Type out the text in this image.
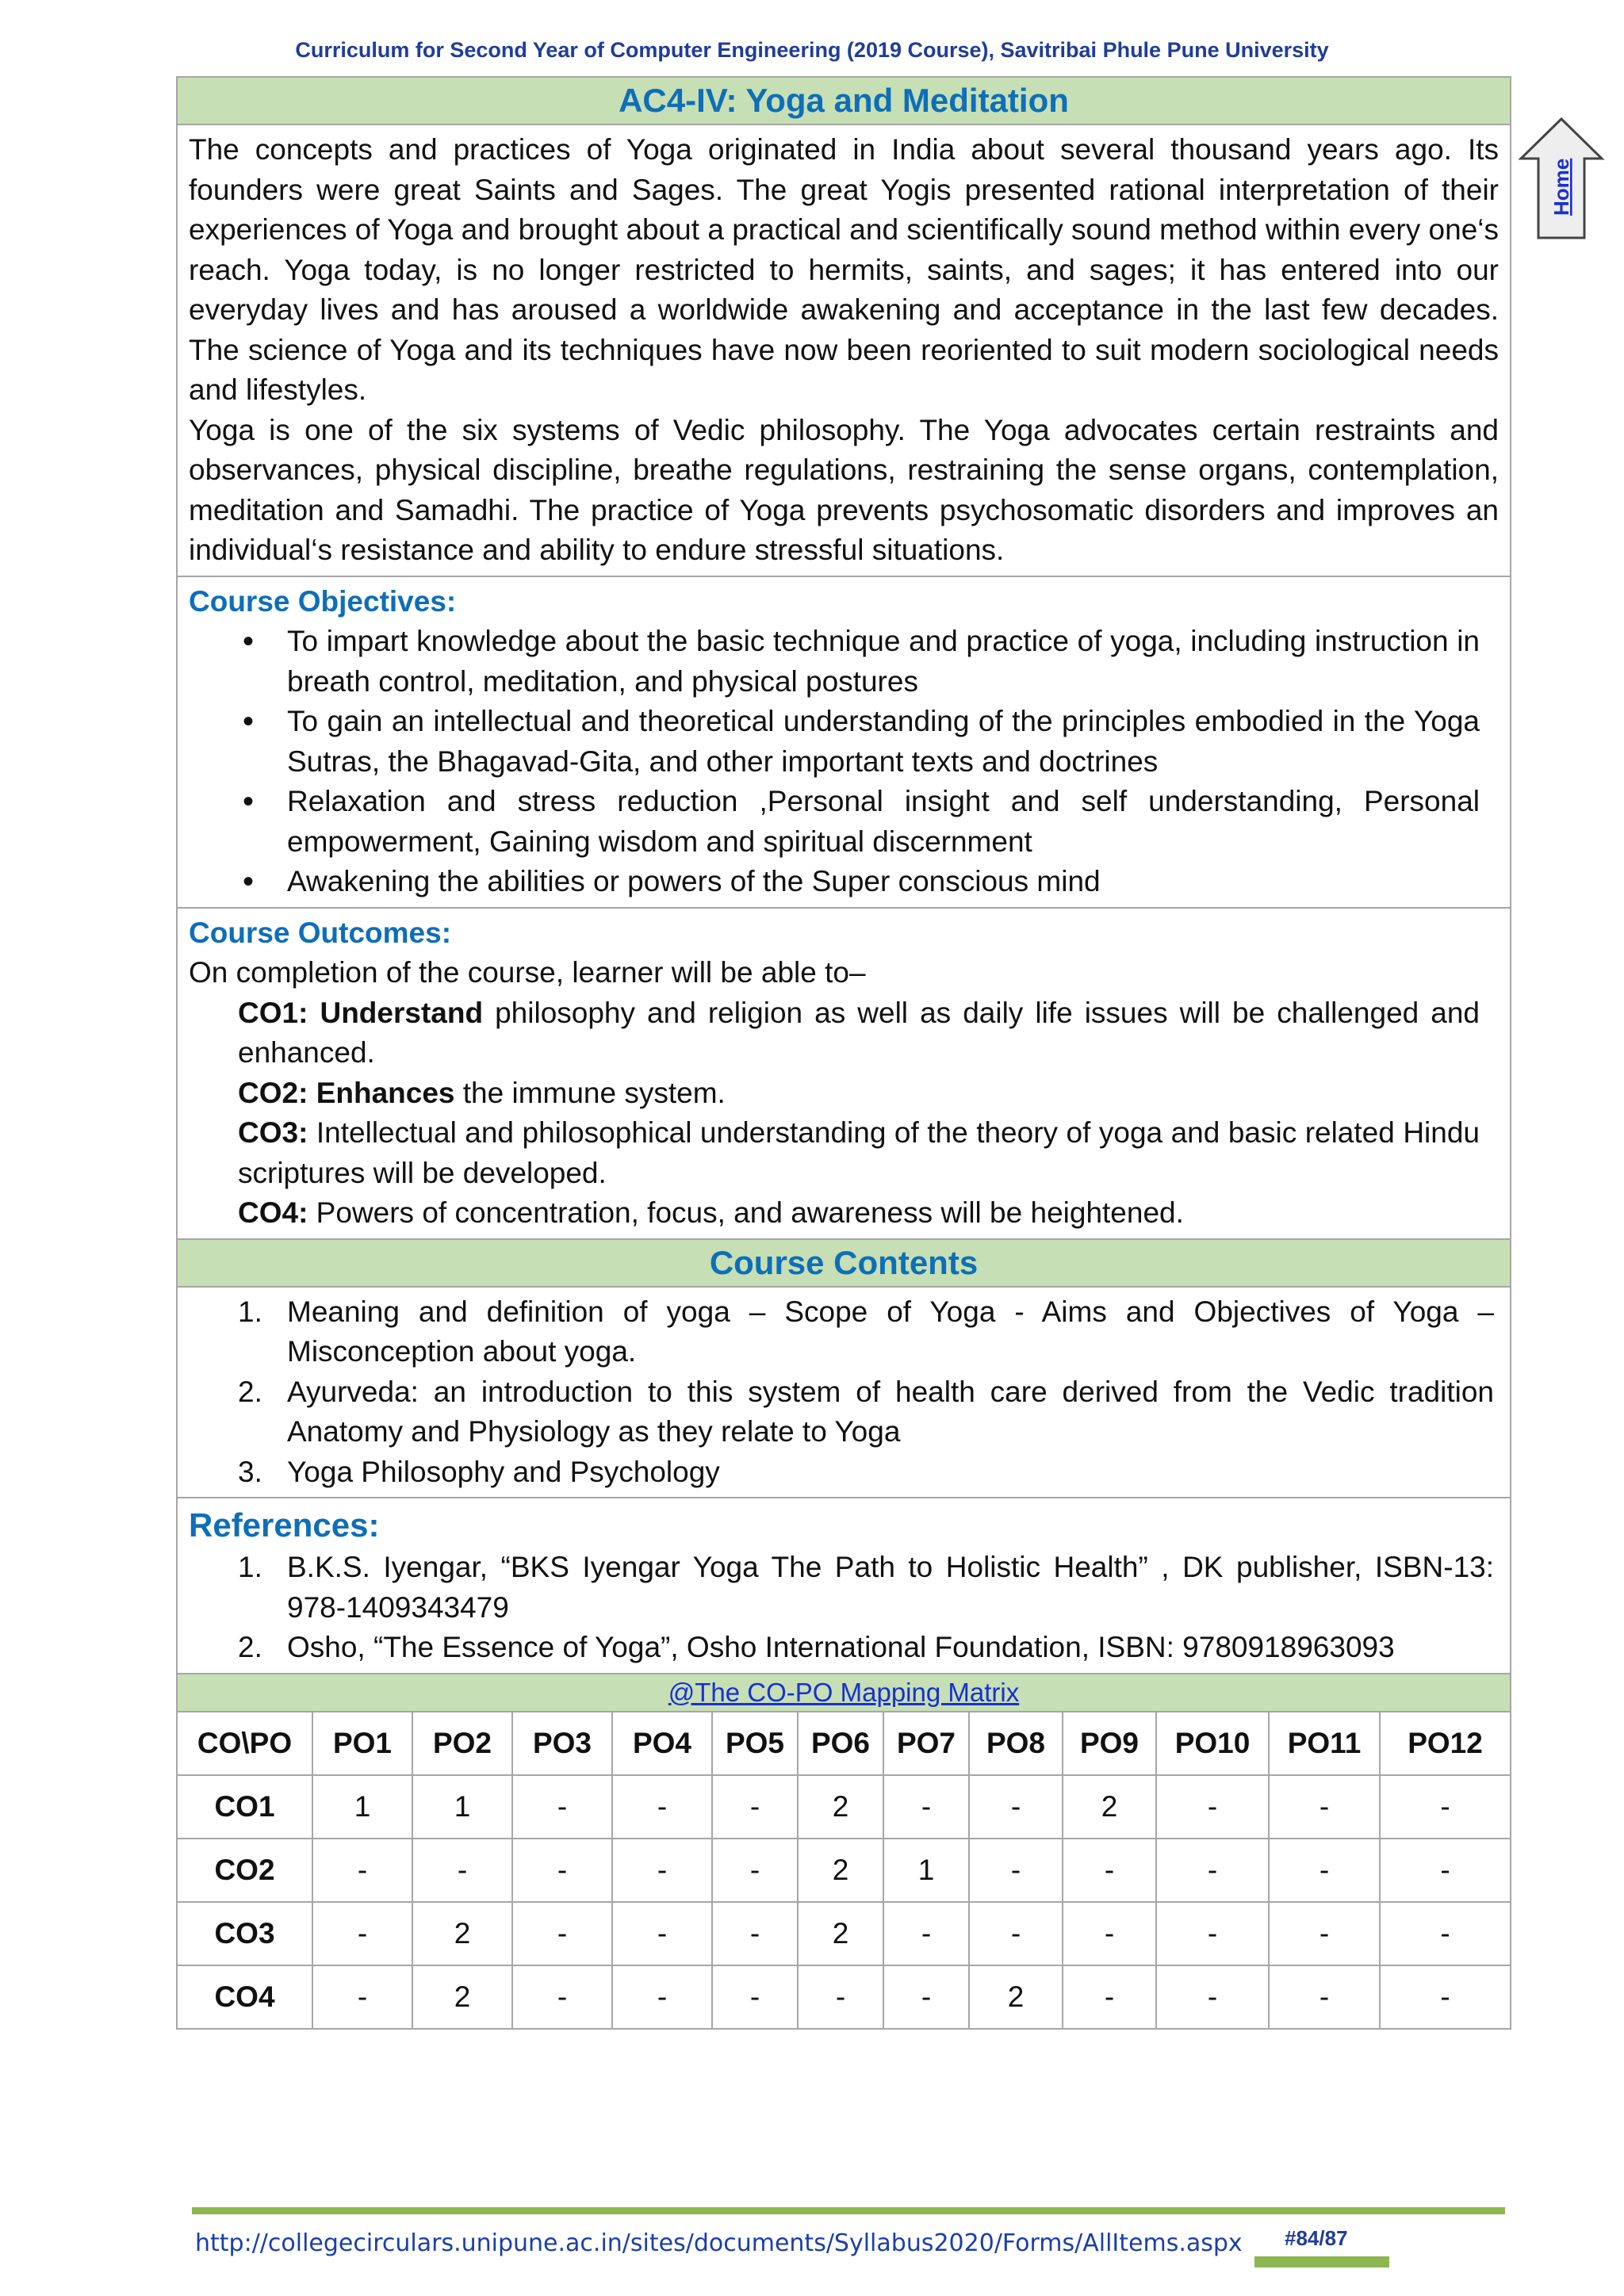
Curriculum for Second Year of Computer Engineering (2019 Course), Savitribai Phule Pune University
Home
AC4-IV: Yoga and Meditation
The concepts and practices of Yoga originated in India about several thousand years ago. Its founders were great Saints and Sages. The great Yogis presented rational interpretation of their experiences of Yoga and brought about a practical and scientifically sound method within every one‘s reach. Yoga today, is no longer restricted to hermits, saints, and sages; it has entered into our everyday lives and has aroused a worldwide awakening and acceptance in the last few decades. The science of Yoga and its techniques have now been reoriented to suit modern sociological needs and lifestyles.
Yoga is one of the six systems of Vedic philosophy. The Yoga advocates certain restraints and observances, physical discipline, breathe regulations, restraining the sense organs, contemplation, meditation and Samadhi. The practice of Yoga prevents psychosomatic disorders and improves an individual‘s resistance and ability to endure stressful situations.
Course Objectives:
• To impart knowledge about the basic technique and practice of yoga, including instruction in breath control, meditation, and physical postures
• To gain an intellectual and theoretical understanding of the principles embodied in the Yoga Sutras, the Bhagavad-Gita, and other important texts and doctrines
• Relaxation and stress reduction ,Personal insight and self understanding, Personal empowerment, Gaining wisdom and spiritual discernment
• Awakening the abilities or powers of the Super conscious mind
Course Outcomes:
On completion of the course, learner will be able to–
CO1: Understand philosophy and religion as well as daily life issues will be challenged and enhanced.
CO2: Enhances the immune system.
CO3: Intellectual and philosophical understanding of the theory of yoga and basic related Hindu scriptures will be developed.
CO4: Powers of concentration, focus, and awareness will be heightened.
Course Contents
1. Meaning and definition of yoga – Scope of Yoga - Aims and Objectives of Yoga – Misconception about yoga.
2. Ayurveda: an introduction to this system of health care derived from the Vedic tradition Anatomy and Physiology as they relate to Yoga
3. Yoga Philosophy and Psychology
References:
1. B.K.S. Iyengar, “BKS Iyengar Yoga The Path to Holistic Health” , DK publisher, ISBN-13: 978-1409343479
2. Osho, “The Essence of Yoga”, Osho International Foundation, ISBN: 9780918963093
@The CO-PO Mapping Matrix
CO\PO	PO1	PO2	PO3	PO4	PO5	PO6	PO7	PO8	PO9	PO10	PO11	PO12
CO1	1	1	-	-	-	2	-	-	2	-	-	-
CO2	-	-	-	-	-	2	1	-	-	-	-	-
CO3	-	2	-	-	-	2	-	-	-	-	-	-
CO4	-	2	-	-	-	-	-	2	-	-	-	-
http://collegecirculars.unipune.ac.in/sites/documents/Syllabus2020/Forms/AllItems.aspx #84/87
